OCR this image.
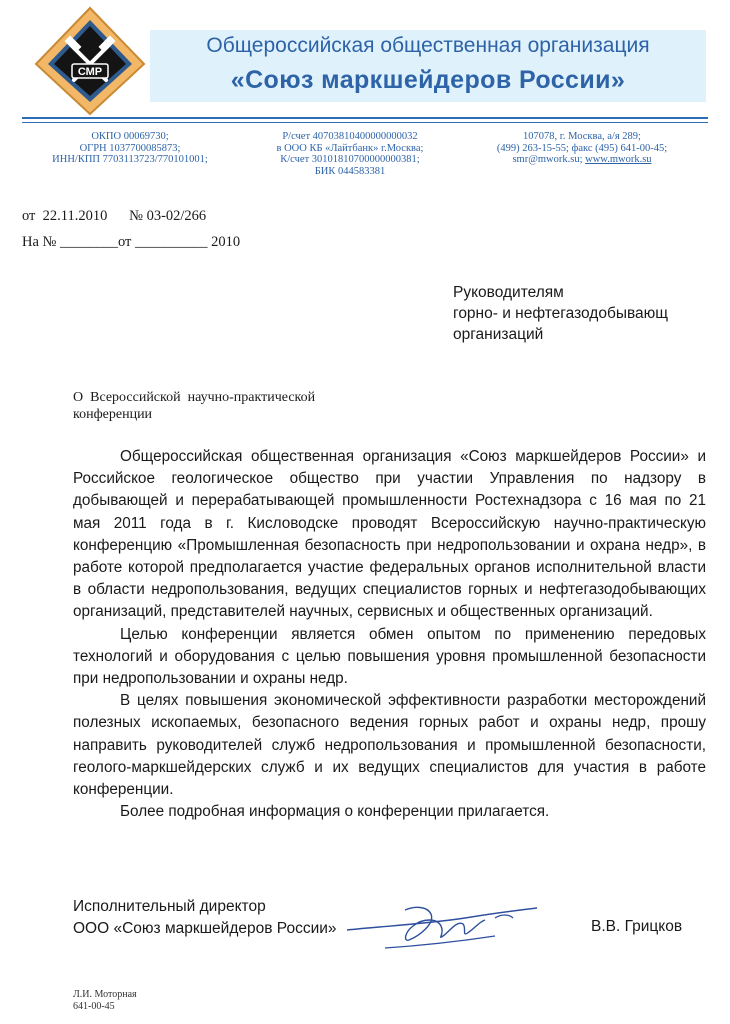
СМР
Общероссийская общественная организация
«Союз маркшейдеров России»
ОКПО 00069730;
ОГРН 1037700085873;
ИНН/КПП 7703113723/770101001;
Р/счет 40703810400000000032
в ООО КБ «Лайтбанк» г.Москва;
К/счет 30101810700000000381;
БИК 044583381
107078, г. Москва, а/я 289;
(499) 263-15-55; факс (495) 641-00-45;
smr@mwork.su; www.mwork.su
от  22.11.2010      № 03-02/266
На № ________от __________ 2010
Руководителям
горно- и нефтегазодобывающ
организаций
О  Всероссийской  научно-практической
конференции

Общероссийская общественная организация «Союз маркшейдеров России» и Российское геологическое общество при участии Управления по надзору в добывающей и перерабатывающей промышленности Ростехнадзора с 16 мая по 21 мая 2011 года в г. Кисловодске проводят Всероссийскую научно-практическую конференцию «Промышленная безопасность при недропользовании и охрана недр», в работе которой предполагается участие федеральных органов исполнительной власти в области недропользования, ведущих специалистов горных и нефтегазодобывающих организаций, представителей научных, сервисных и общественных организаций.

Целью конференции является обмен опытом по применению передовых технологий и оборудования с целью повышения уровня промышленной безопасности при недропользовании и охраны недр.

В целях повышения экономической эффективности разработки месторождений полезных ископаемых, безопасного ведения горных работ и охраны недр, прошу направить руководителей служб недропользования и промышленной безопасности, геолого-маркшейдерских служб и их ведущих специалистов для участия в работе конференции.

Более подробная информация о конференции прилагается.

Исполнительный директор
ООО «Союз маркшейдеров России»	В.В. Грицков
Л.И. Моторная
641-00-45
